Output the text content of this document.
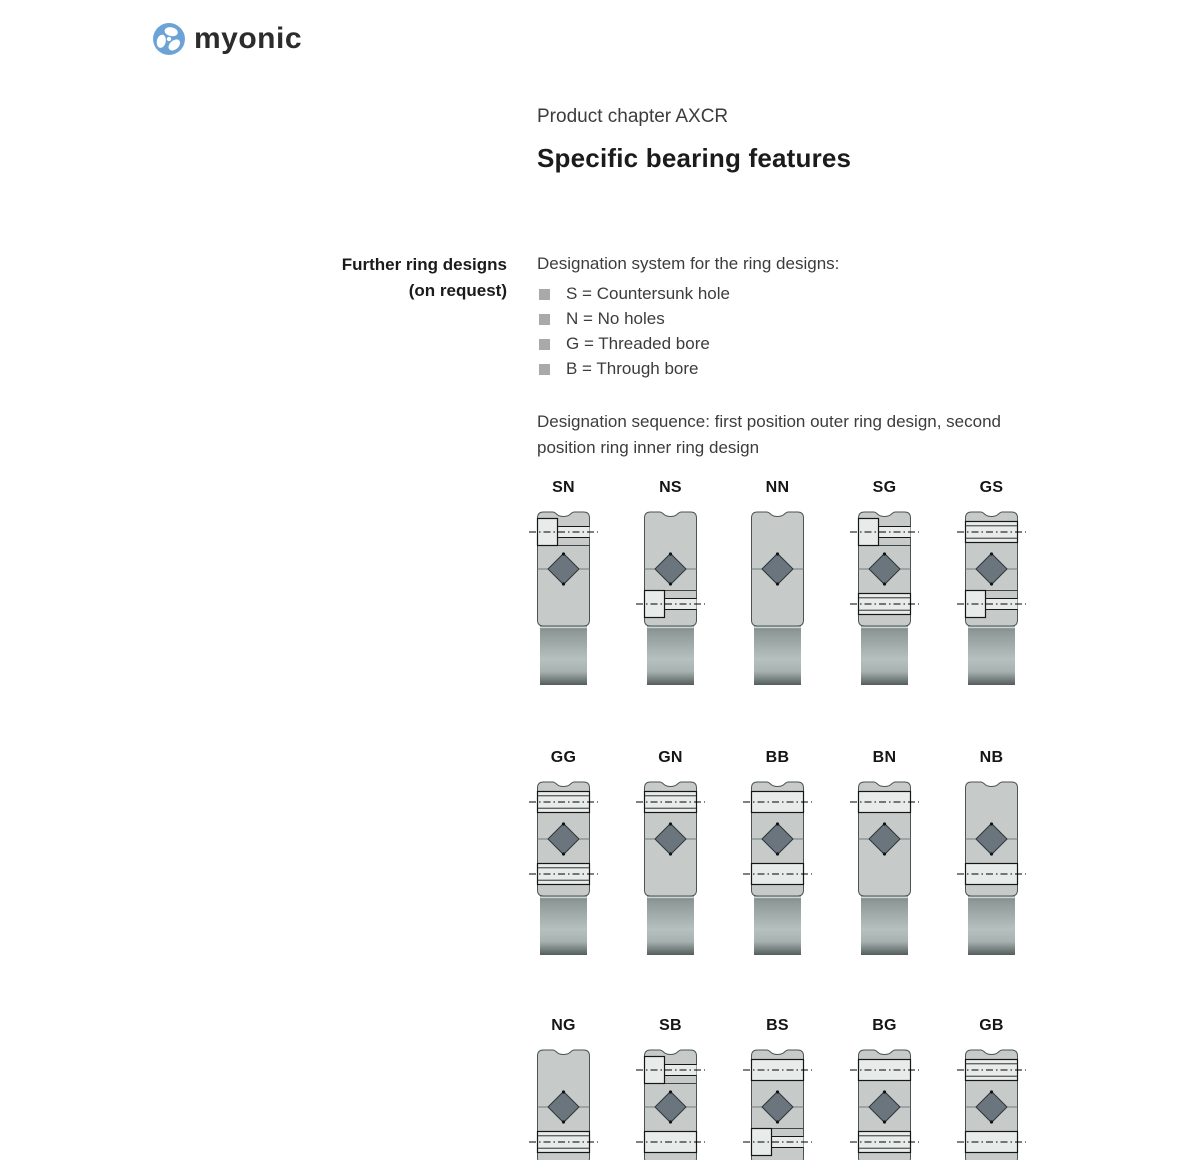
myonic
Product chapter AXCR
Specific bearing features
Further ring designs
(on request)
Designation system for the ring designs:
S = Countersunk hole
N = No holes
G = Threaded bore
B = Through bore
Designation sequence: first position outer ring design, second position ring inner ring design
SN	NS	NN	SG	GS
GG	GN	BB	BN	NB
NG	SB	BS	BG	GB
